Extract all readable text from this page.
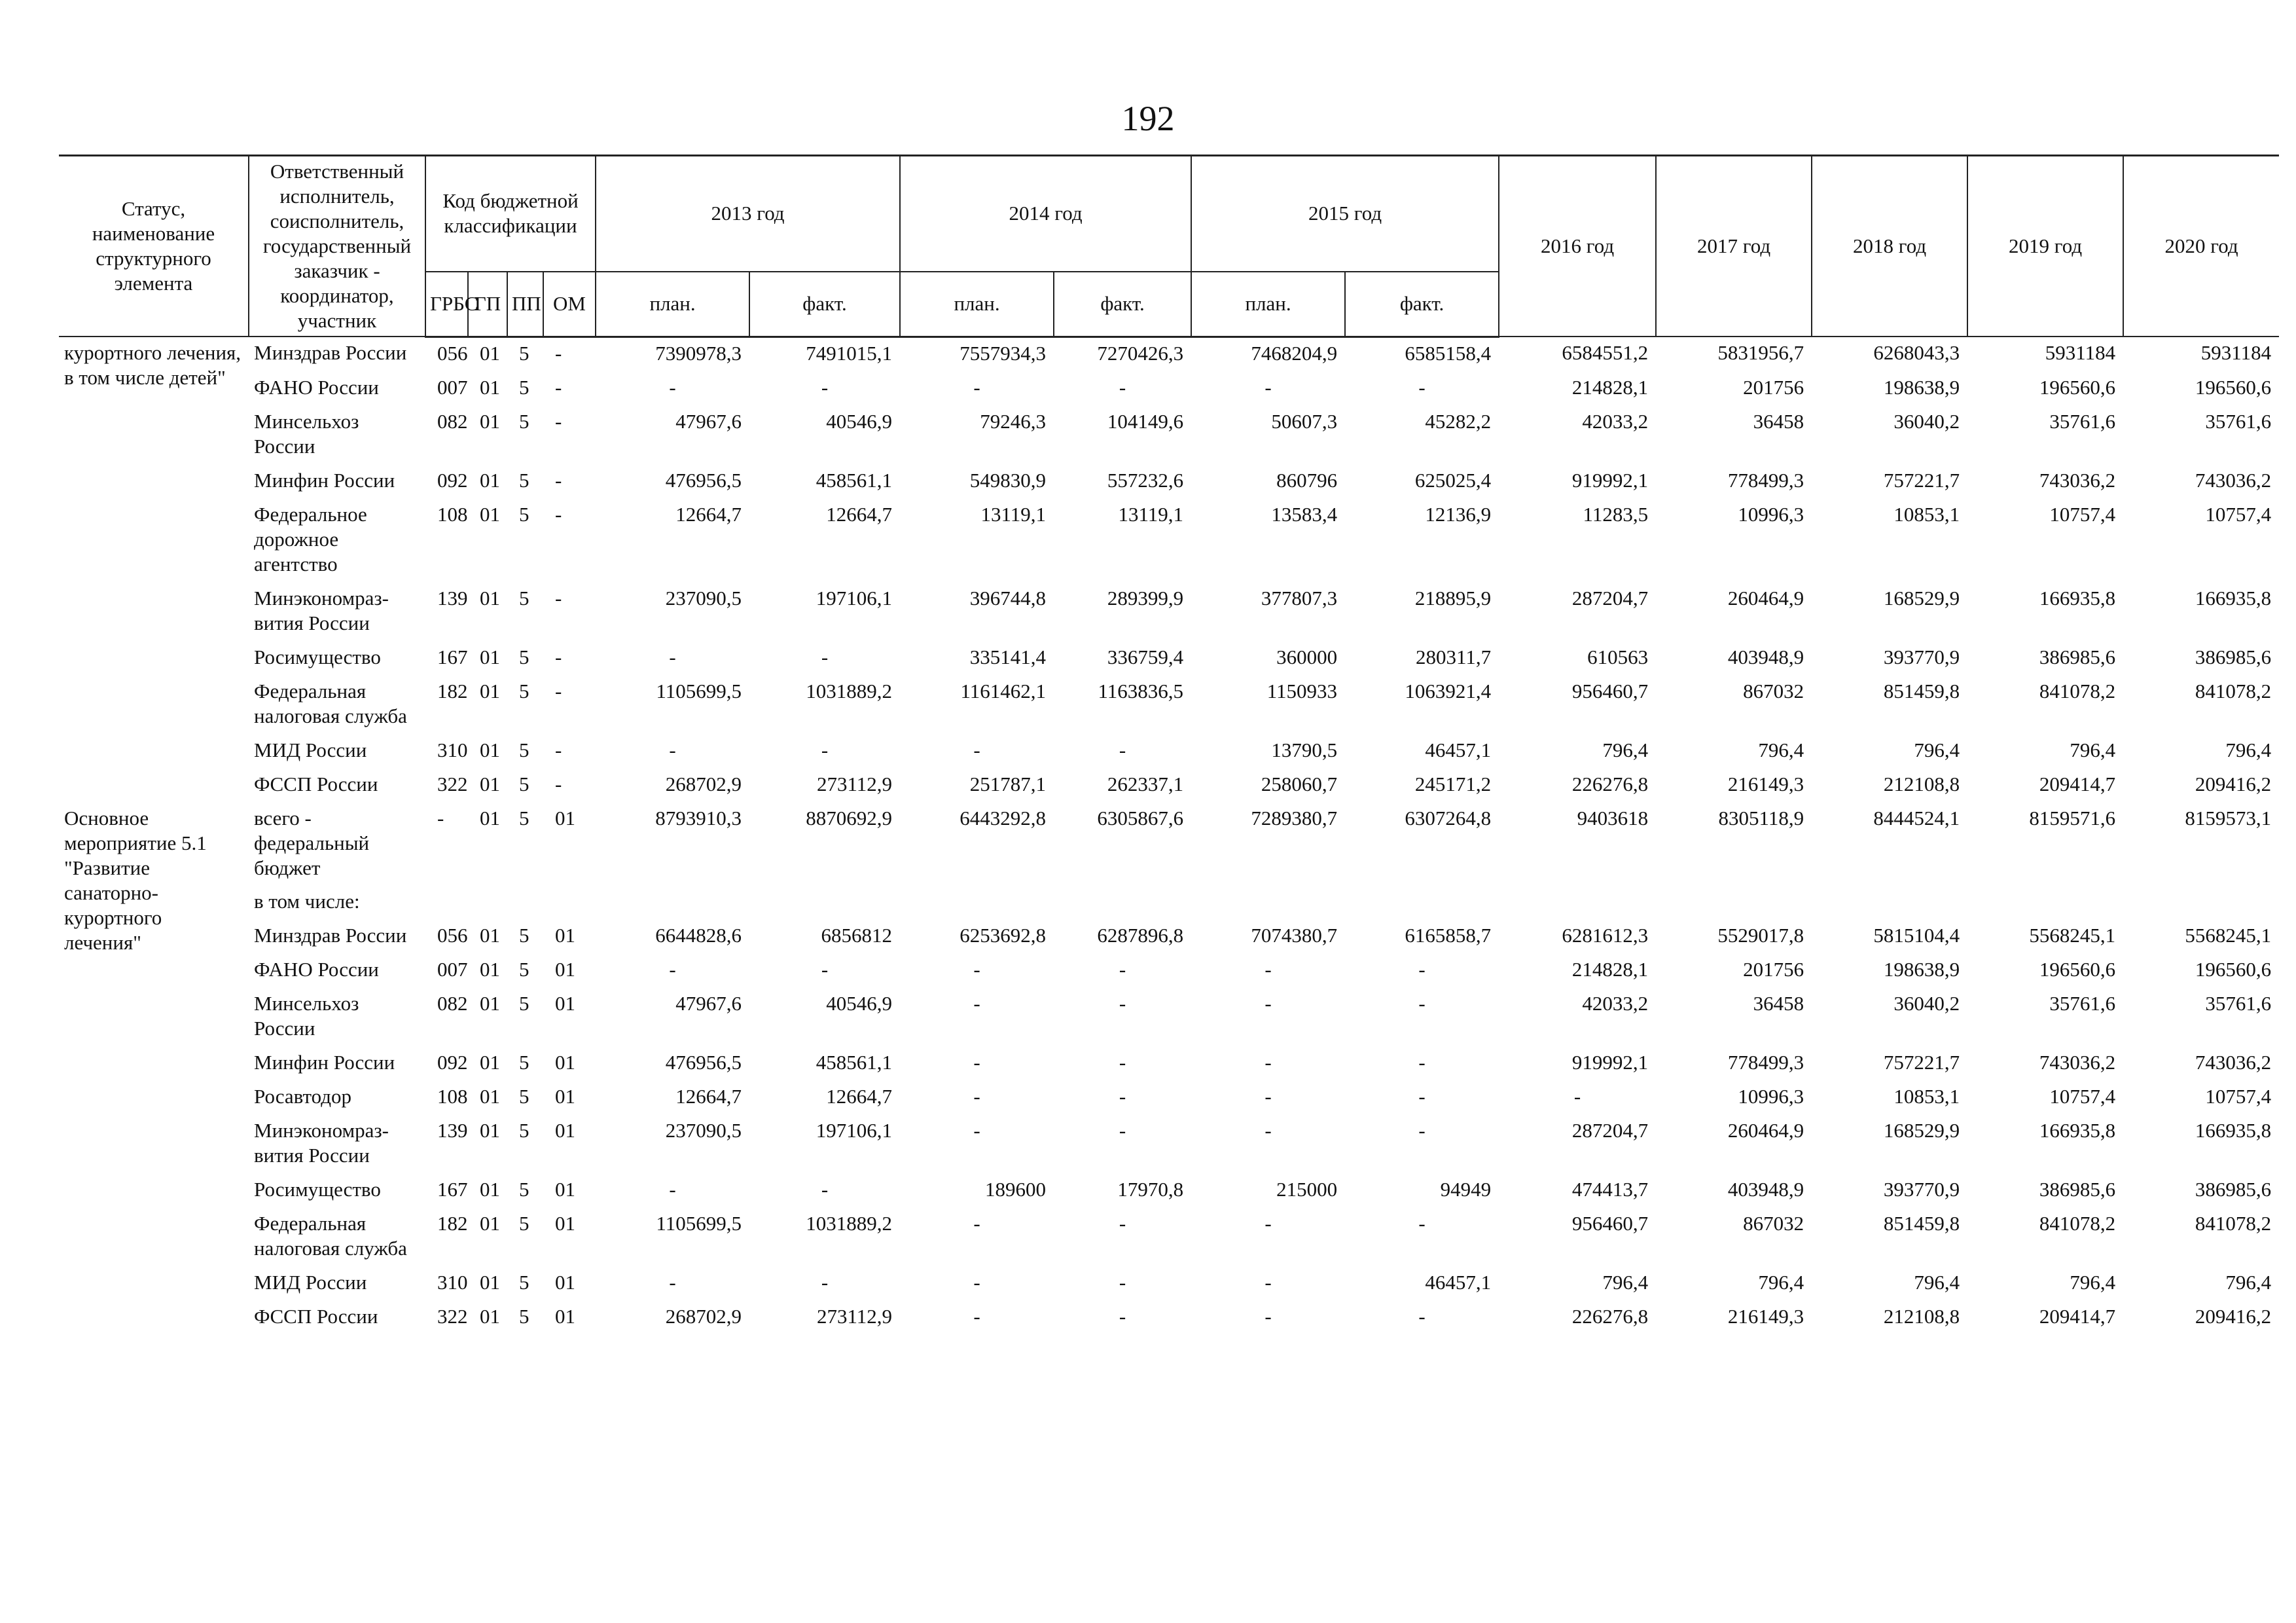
192
Статус, наименование структурного элемента	Ответственный исполнитель, соисполнитель, государственный заказчик - координатор, участник	Код бюджетной классификации				2013 год		2014 год		2015 год		2016 год	2017 год	2018 год	2019 год	2020 год
		ГРБС	ГП	ПП	ОМ	план.	факт.	план.	факт.	план.	факт.					
курортного лечения, в том числе детей"	Минздрав России	056	01	5	-	7390978,3	7491015,1	7557934,3	7270426,3	7468204,9	6585158,4	6584551,2	5831956,7	6268043,3	5931184	5931184
	ФАНО России	007	01	5	-	-	-	-	-	-	-	214828,1	201756	198638,9	196560,6	196560,6
	Минсельхоз России	082	01	5	-	47967,6	40546,9	79246,3	104149,6	50607,3	45282,2	42033,2	36458	36040,2	35761,6	35761,6
	Минфин России	092	01	5	-	476956,5	458561,1	549830,9	557232,6	860796	625025,4	919992,1	778499,3	757221,7	743036,2	743036,2
	Федеральное дорожное агентство	108	01	5	-	12664,7	12664,7	13119,1	13119,1	13583,4	12136,9	11283,5	10996,3	10853,1	10757,4	10757,4
	Минэкономраз-вития России	139	01	5	-	237090,5	197106,1	396744,8	289399,9	377807,3	218895,9	287204,7	260464,9	168529,9	166935,8	166935,8
	Росимущество	167	01	5	-	-	-	335141,4	336759,4	360000	280311,7	610563	403948,9	393770,9	386985,6	386985,6
	Федеральная налоговая служба	182	01	5	-	1105699,5	1031889,2	1161462,1	1163836,5	1150933	1063921,4	956460,7	867032	851459,8	841078,2	841078,2
	МИД России	310	01	5	-	-	-	-	-	13790,5	46457,1	796,4	796,4	796,4	796,4	796,4
	ФССП России	322	01	5	-	268702,9	273112,9	251787,1	262337,1	258060,7	245171,2	226276,8	216149,3	212108,8	209414,7	209416,2
Основное мероприятие 5.1 "Развитие санаторно-курортного лечения"	всего - федеральный бюджет	-	01	5	01	8793910,3	8870692,9	6443292,8	6305867,6	7289380,7	6307264,8	9403618	8305118,9	8444524,1	8159571,6	8159573,1
	в том числе:															
	Минздрав России	056	01	5	01	6644828,6	6856812	6253692,8	6287896,8	7074380,7	6165858,7	6281612,3	5529017,8	5815104,4	5568245,1	5568245,1
	ФАНО России	007	01	5	01	-	-	-	-	-	-	214828,1	201756	198638,9	196560,6	196560,6
	Минсельхоз России	082	01	5	01	47967,6	40546,9	-	-	-	-	42033,2	36458	36040,2	35761,6	35761,6
	Минфин России	092	01	5	01	476956,5	458561,1	-	-	-	-	919992,1	778499,3	757221,7	743036,2	743036,2
	Росавтодор	108	01	5	01	12664,7	12664,7	-	-	-	-	-	10996,3	10853,1	10757,4	10757,4
	Минэкономраз-вития России	139	01	5	01	237090,5	197106,1	-	-	-	-	287204,7	260464,9	168529,9	166935,8	166935,8
	Росимущество	167	01	5	01	-	-	189600	17970,8	215000	94949	474413,7	403948,9	393770,9	386985,6	386985,6
	Федеральная налоговая служба	182	01	5	01	1105699,5	1031889,2	-	-	-	-	956460,7	867032	851459,8	841078,2	841078,2
	МИД России	310	01	5	01	-	-	-	-	-	46457,1	796,4	796,4	796,4	796,4	796,4
	ФССП России	322	01	5	01	268702,9	273112,9	-	-	-	-	226276,8	216149,3	212108,8	209414,7	209416,2
